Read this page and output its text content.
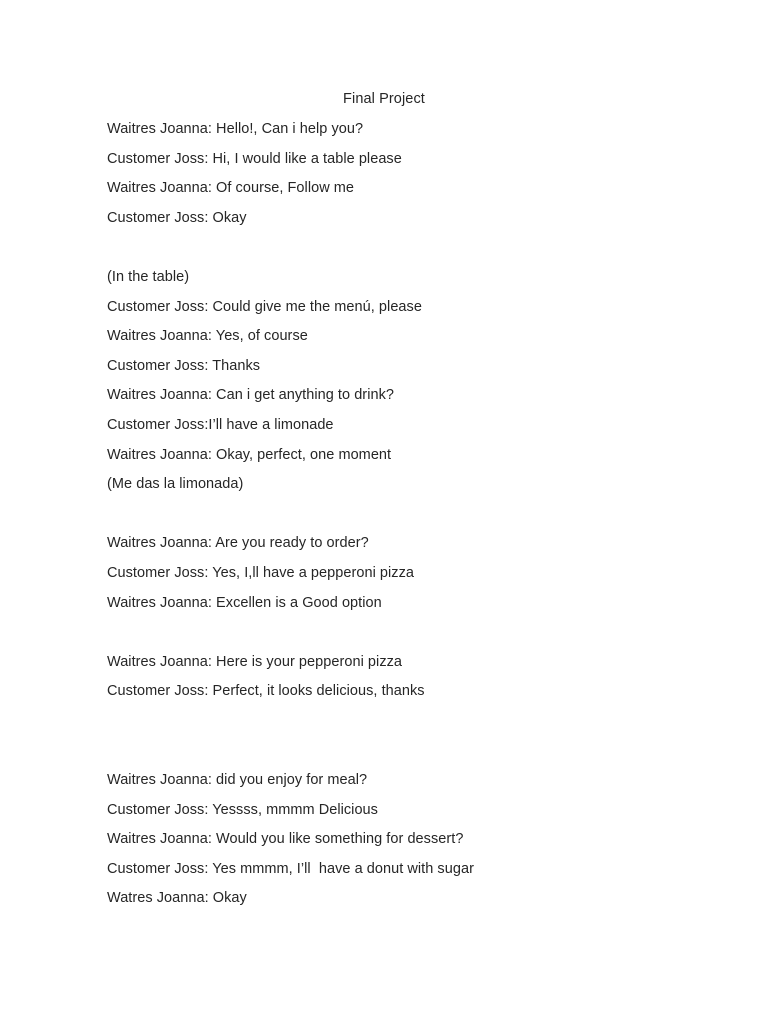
Final Project
Waitres Joanna: Hello!, Can i help you?
Customer Joss: Hi, I would like a table please
Waitres Joanna: Of course, Follow me
Customer Joss: Okay
(In the table)
Customer Joss: Could give me the menú, please
Waitres Joanna: Yes, of course
Customer Joss: Thanks
Waitres Joanna: Can i get anything to drink?
Customer Joss:I’ll have a limonade
Waitres Joanna: Okay, perfect, one moment
(Me das la limonada)
Waitres Joanna: Are you ready to order?
Customer Joss: Yes, I,ll have a pepperoni pizza
Waitres Joanna: Excellen is a Good option
Waitres Joanna: Here is your pepperoni pizza
Customer Joss: Perfect, it looks delicious, thanks
Waitres Joanna: did you enjoy for meal?
Customer Joss: Yessss, mmmm Delicious
Waitres Joanna: Would you like something for dessert?
Customer Joss: Yes mmmm, I’ll  have a donut with sugar
Watres Joanna: Okay
